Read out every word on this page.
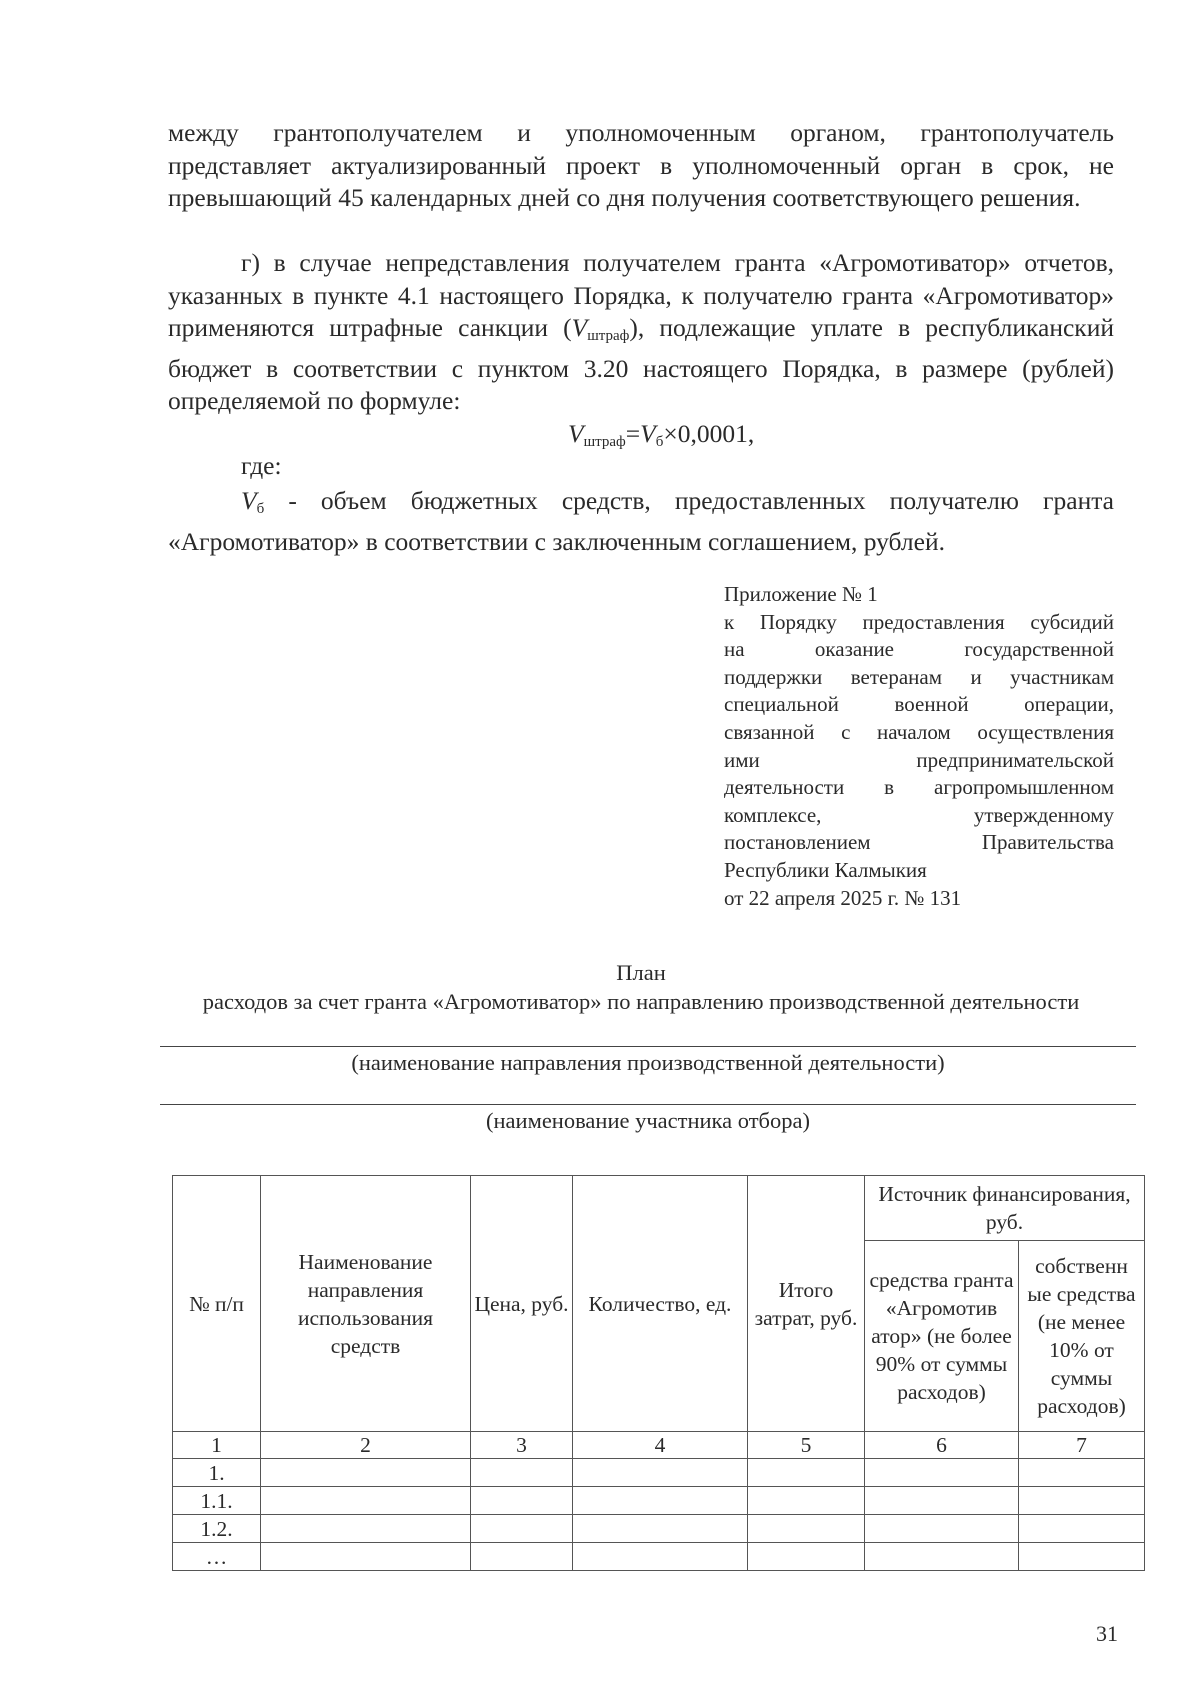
между грантополучателем и уполномоченным органом, грантополучатель представляет актуализированный проект в уполномоченный орган в срок, не превышающий 45 календарных дней со дня получения соответствующего решения.
г) в случае непредставления получателем гранта «Агромотиватор» отчетов, указанных в пункте 4.1 настоящего Порядка, к получателю гранта «Агромотиватор» применяются штрафные санкции $(V_{штраф})$, подлежащие уплате в республиканский бюджет в соответствии с пунктом 3.20 настоящего Порядка, в размере (рублей) определяемой по формуле:
$V_{штраф}=V_б\times 0,0001$,
где:
$V_б$ - объем бюджетных средств, предоставленных получателю гранта «Агромотиватор» в соответствии с заключенным соглашением, рублей.
Приложение № 1
к Порядку предоставления субсидий
на оказание государственной
поддержки ветеранам и участникам
специальной военной операции,
связанной с началом осуществления
ими предпринимательской
деятельности в агропромышленном
комплексе, утвержденному
постановлением Правительства
Республики Калмыкия
от 22 апреля 2025 г. № 131
План
расходов за счет гранта «Агромотиватор» по направлению производственной деятельности
(наименование направления производственной деятельности)
(наименование участника отбора)
№ п/п	Наименование направления использования средств	Цена, руб.	Количество, ед.	Итого затрат, руб.	Источник финансирования, руб.	
					средства гранта «Агромотив атор» (не более 90% от суммы расходов)	собственн ые средства (не менее 10% от суммы расходов)
1	2	3	4	5	6	7
1.						
1.1.						
1.2.						
…						
31
